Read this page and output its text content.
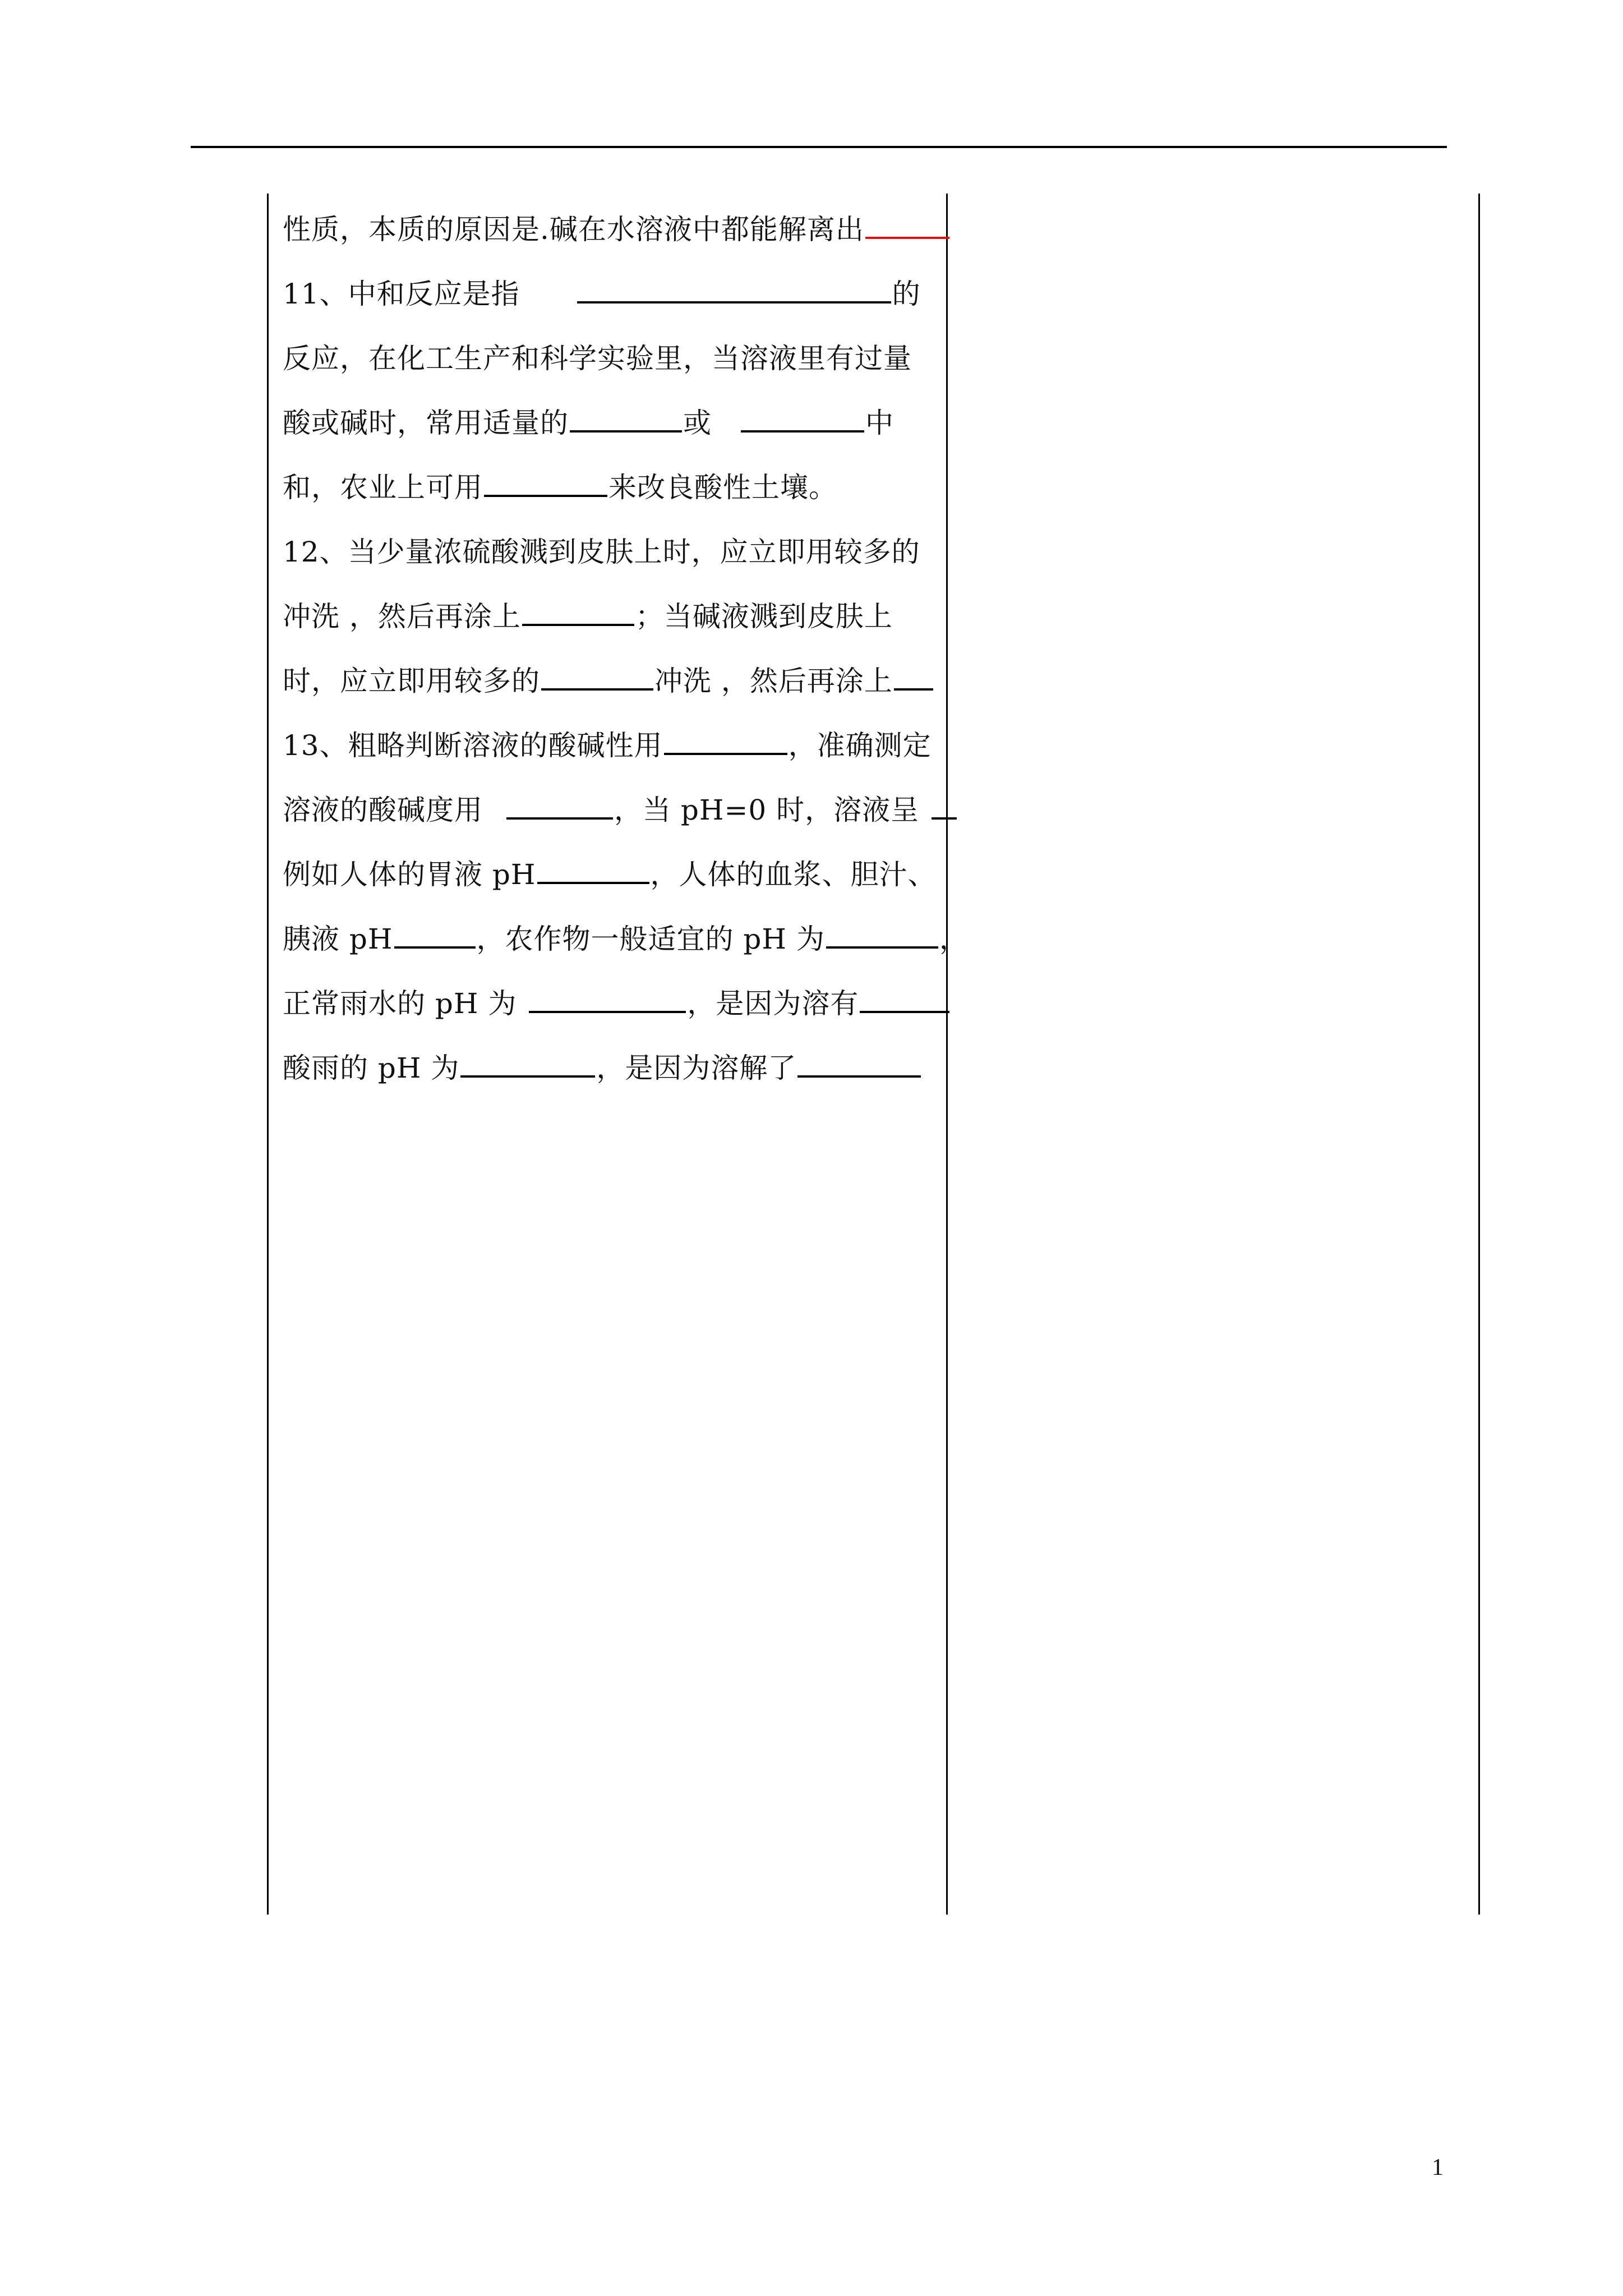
性质，本质的原因是.碱在水溶液中都能解离出
11、中和反应是指	的
反应，在化工生产和科学实验里，当溶液里有过量
酸或碱时，常用适量的	或	中
和，农业上可用	来改良酸性土壤。
12、当少量浓硫酸溅到皮肤上时，应立即用较多的
冲洗 ，然后再涂上	；当碱液溅到皮肤上
时，应立即用较多的	冲洗 ，然后再涂上
13、粗略判断溶液的酸碱性用	，准确测定
溶液的酸碱度用	，当 pH=0 时，溶液呈
例如人体的胃液 pH	，人体的血浆、胆汁、
胰液 pH	，农作物一般适宜的 pH 为	，
正常雨水的 pH 为	，是因为溶有
酸雨的 pH 为	，是因为溶解了
1
